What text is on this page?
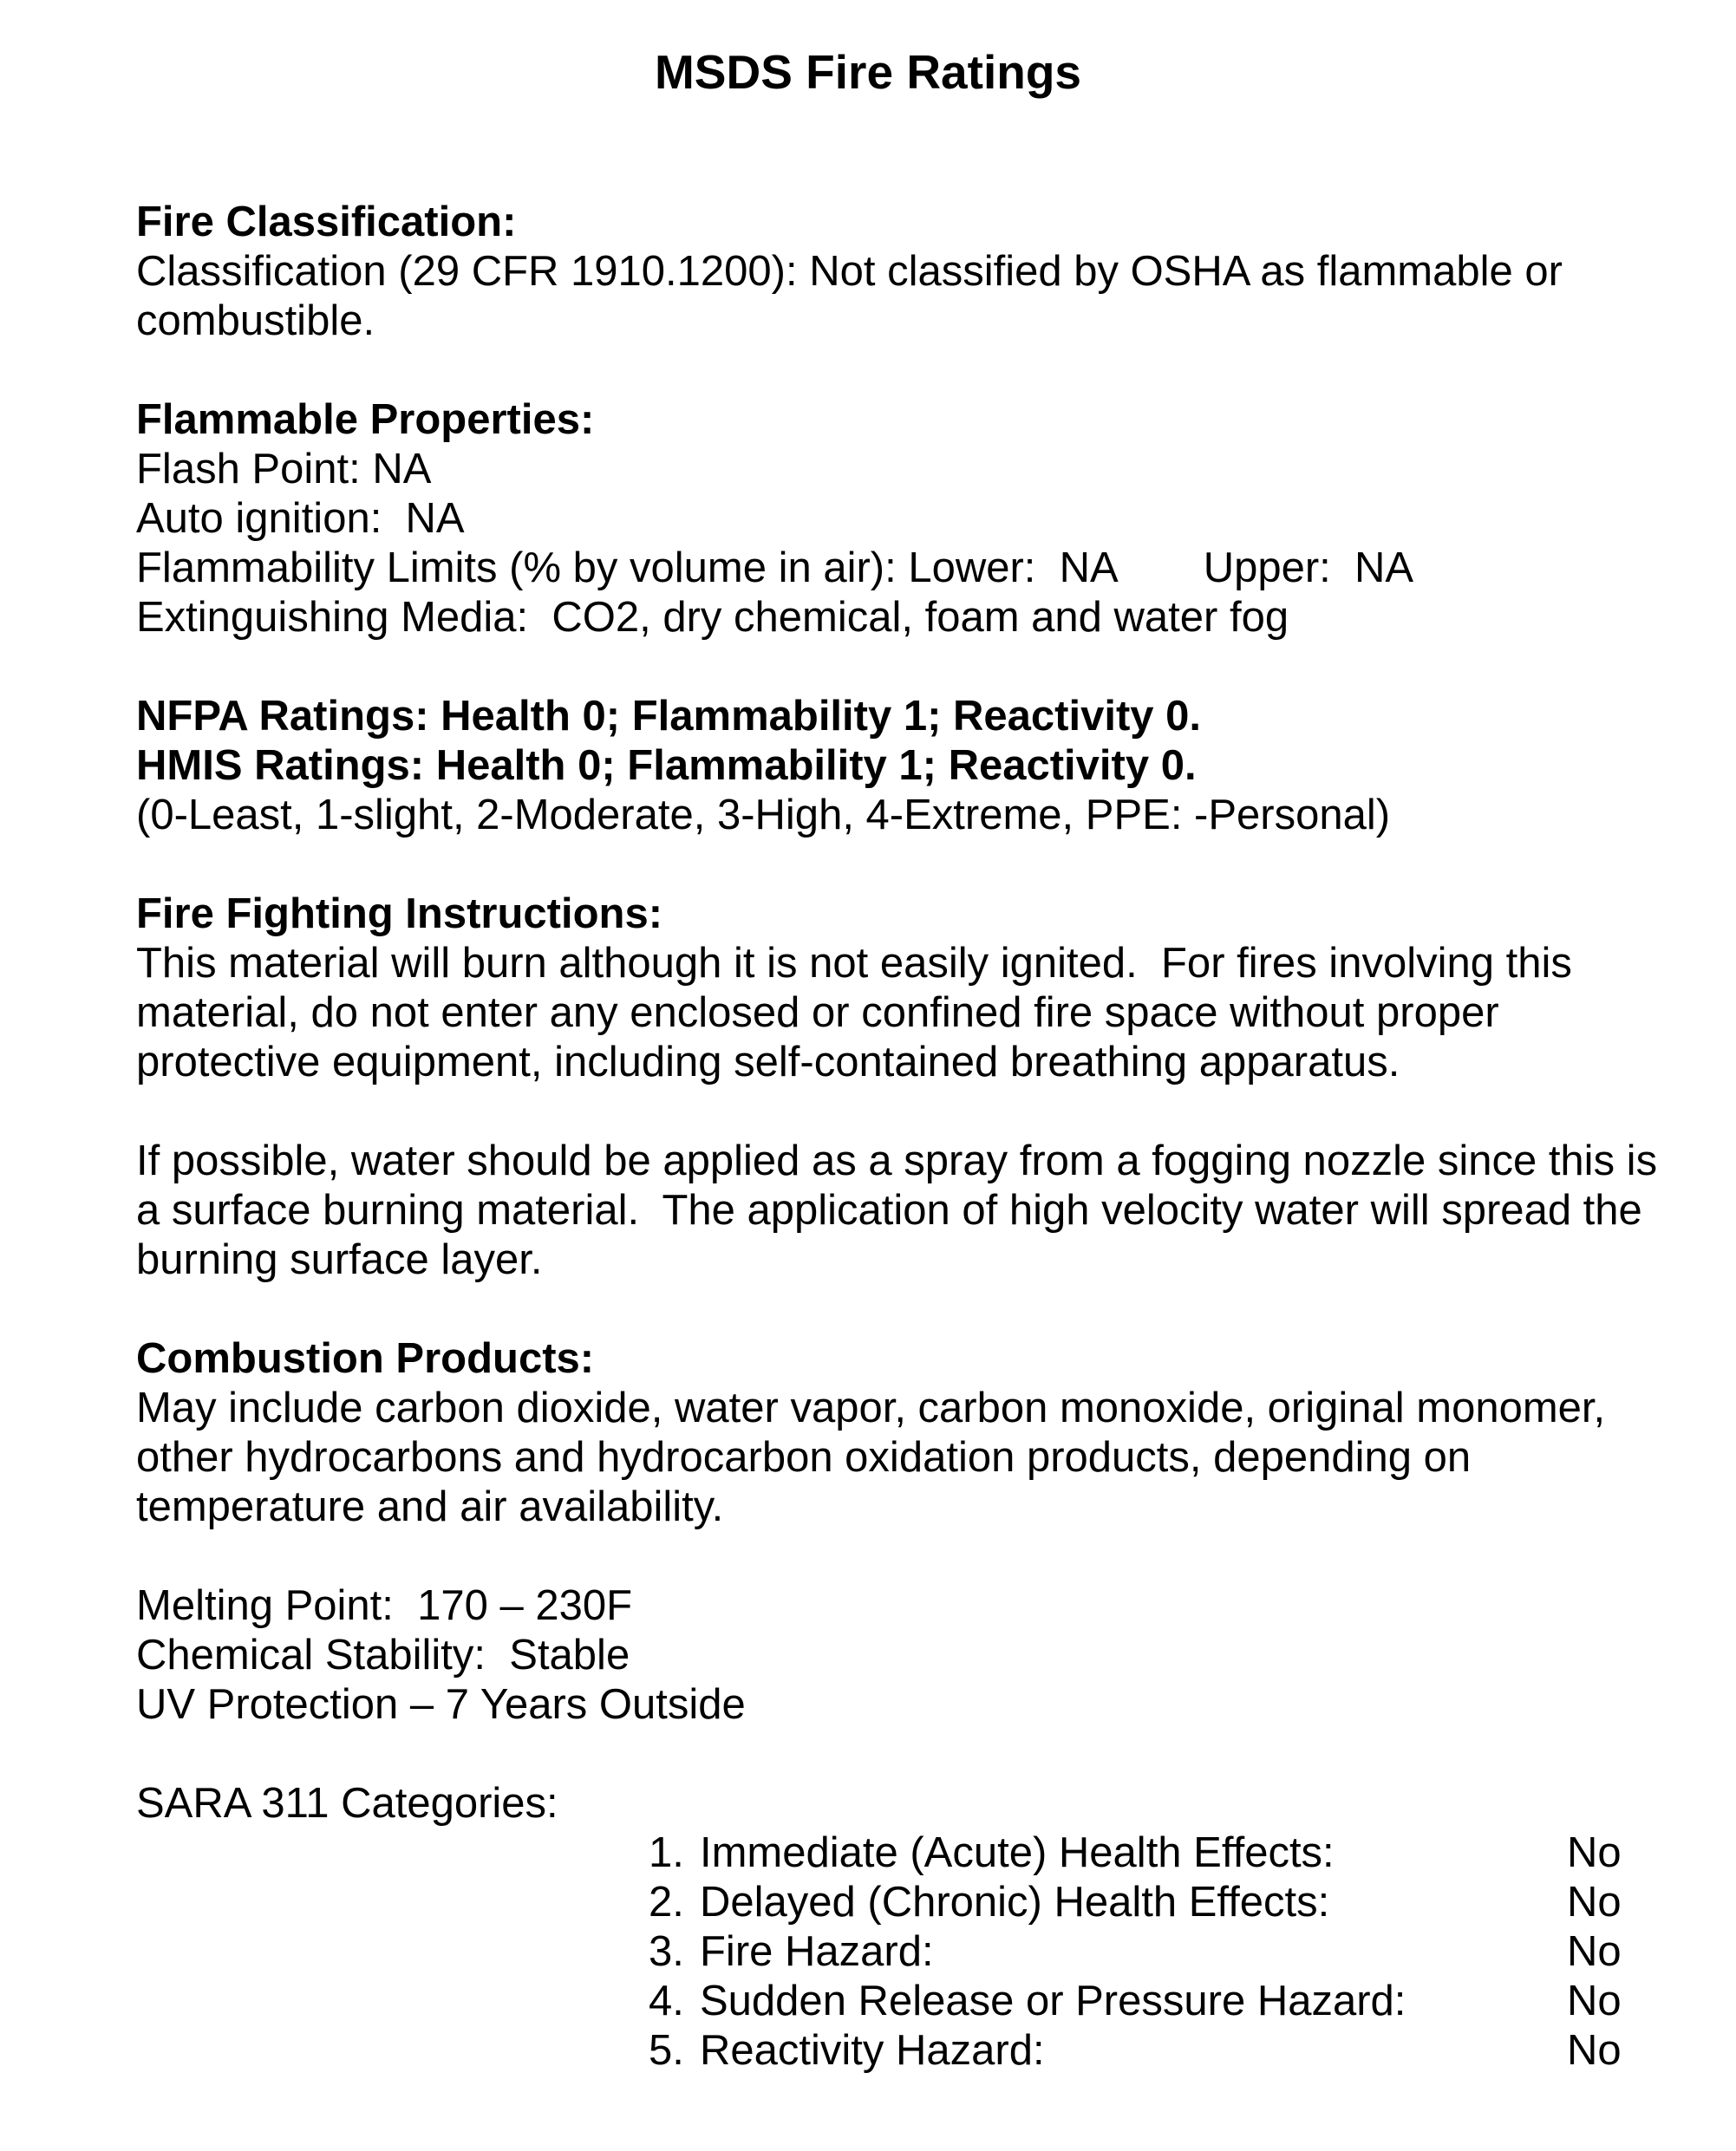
MSDS Fire Ratings
Fire Classification:
Classification (29 CFR 1910.1200): Not classified by OSHA as flammable or
combustible.
Flammable Properties:
Flash Point: NA
Auto ignition:  NA
Flammability Limits (% by volume in air): Lower:  NA Upper:  NA
Extinguishing Media:  CO2, dry chemical, foam and water fog
NFPA Ratings: Health 0; Flammability 1; Reactivity 0.
HMIS Ratings: Health 0; Flammability 1; Reactivity 0.
(0-Least, 1-slight, 2-Moderate, 3-High, 4-Extreme, PPE: -Personal)
Fire Fighting Instructions:
This material will burn although it is not easily ignited.  For fires involving this
material, do not enter any enclosed or confined fire space without proper
protective equipment, including self-contained breathing apparatus.
If possible, water should be applied as a spray from a fogging nozzle since this is
a surface burning material.  The application of high velocity water will spread the
burning surface layer.
Combustion Products:
May include carbon dioxide, water vapor, carbon monoxide, original monomer,
other hydrocarbons and hydrocarbon oxidation products, depending on
temperature and air availability.
Melting Point:  170 – 230F
Chemical Stability:  Stable
UV Protection – 7 Years Outside
SARA 311 Categories:
1. Immediate (Acute) Health Effects:	No
2. Delayed (Chronic) Health Effects:	No
3. Fire Hazard:	No
4. Sudden Release or Pressure Hazard:	No
5. Reactivity Hazard:	No
